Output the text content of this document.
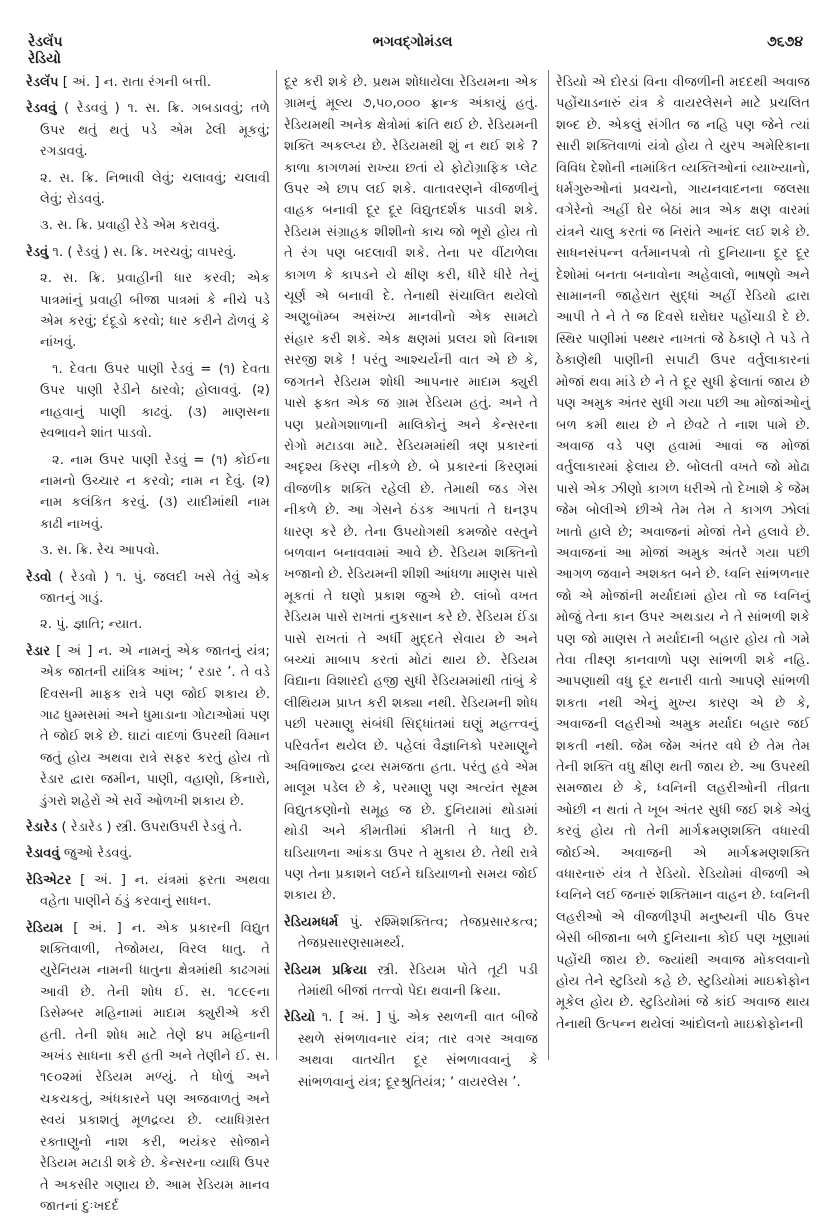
રેડલૅંપ
રેડિયો
ભગવદ્ગોમંડલ	૭૬૭૪

રેડલૅંપ [ અં. ] ન. રાતા રંગની બત્તી.

રેડવવું ( રેડવવું ) ૧. સ. ક્રિ. ગબડાવવું; તળે ઉપર થતું થતું પડે એમ ઢેલી મૂકવું; રગડાવવું.

૨. સ. ક્રિ. નિભાવી લેવું; ચલાવવું; ચલાવી લેવું; રોડવવું.

૩. સ. ક્રિ. પ્રવાહી રેડે એમ કરાવવું.

રેડવું ૧. ( રેડવું ) સ. ક્રિ. ખરચવું; વાપરવું.

૨. સ. ક્રિ. પ્રવાહીની ધાર કરવી; એક પાત્રમાંનું પ્રવાહી બીજા પાત્રમાં કે નીચે પડે એમ કરવું; દંદૂડો કરવો; ધાર કરીને ઢોળવું કે નાંખવું.

૧. દેવતા ઉપર પાણી રેડવું = (૧) દેવતા ઉપર પાણી રેડીને ઠારવો; હોલાવવું. (૨) નાહવાનું પાણી કાઢવું. (૩) માણસના સ્વભાવને શાંત પાડવો.

૨. નામ ઉપર પાણી રેડવું = (૧) કોઈના નામનો ઉચ્ચાર ન કરવો; નામ ન દેવું. (૨) નામ કલંકિત કરવું. (૩) યાદીમાંથી નામ કાઢી નાખવું.

૩. સ. ક્રિ. રેચ આપવો.

રેડવો ( રેડવો ) ૧. પું. જલદી ખસે તેવું એક જાતનું ગાડું.

૨. પું. જ્ઞાતિ; ન્યાત.

રેડાર [ અં ] ન. એ નામનું એક જાતનું યંત્ર; એક જાતની યાંત્રિક આંખ; ‘ રડાર ’. તે વડે દિવસની માફક રાત્રે પણ જોઈ શકાય છે. ગાઢ ધુમ્મસમાં અને ધુમાડાના ગોટાઓમાં પણ તે જોઈ શકે છે. ઘાટાં વાદળાં ઉપરથી વિમાન જતું હોય અથવા રાત્રે સફર કરતું હોય તો રેડાર દ્વારા જમીન, પાણી, વહાણો, કિનારો, ડુંગરો શહેરો એ સર્વે ઓળખી શકાય છે.

રેડારેડ ( રેડારેડ ) સ્ત્રી. ઉપરાઉપરી રેડવું તે.

રેડાવવું જુઓ રેડવવું.

રેડિએટર [ અં. ] ન. યંત્રમાં ફરતા અથવા વહેતા પાણીને ઠંડું કરવાનું સાધન.

રેડિયમ [ અં. ] ન. એક પ્રકારની વિદ્યુત શક્તિવાળી, તેજોમય, વિરલ ધાતુ. તે યુરેનિયમ નામની ધાતુના ક્ષેત્રમાંથી કાઢગમાં આવી છે. તેની શોધ ઈ. સ. ૧૮૯૯ના ડિસેમ્બર મહિનામાં માદામ ક્યુરીએ કરી હતી. તેની શોધ માટે તેણે ૪૫ મહિનાની અખંડ સાધના કરી હતી અને તેણીને ઈ. સ. ૧૯૦૨માં રેડિયમ મળ્યું. તે ધોળું અને ચકચકતું, અંધકારને પણ અજવાળતું અને સ્વયં પ્રકાશતું મૂળદ્રવ્ય છે. વ્યાધિગ્રસ્ત રક્તાણુનો નાશ કરી, ભયંકર સોજાને રેડિયમ મટાડી શકે છે. કેન્સરના વ્યાધિ ઉપર તે અકસીર ગણાય છે. આમ રેડિયમ માનવ જાતનાં દુઃખદર્દ

દૂર કરી શકે છે. પ્રથમ શોધાયેલા રેડિયમના એક ગ્રામનું મૂલ્ય ૭,૫૦,૦૦૦ ફ્રાન્ક અંકાયું હતું. રેડિયમથી અનેક ક્ષેત્રોમાં ક્રાંતિ થઈ છે. રેડિયમની શક્તિ અકલ્પ્ય છે. રેડિયમથી શું ન થઈ શકે ? કાળા કાગળમાં રાખ્યા છતાં યે ફોટોગ્રાફિક પ્લેટ ઉપર એ છાપ લઈ શકે. વાતાવરણને વીજળીનું વાહક બનાવી દૂર દૂર વિદ્યુતદર્શક પાડવી શકે. રેડિયમ સંગ્રાહક શીશીનો કાચ જો ભૂરો હોય તો તે રંગ પણ બદલાવી શકે. તેના પર વીંટાળેલા કાગળ કે કાપડને યે ક્ષીણ કરી, ધીરે ધીરે તેનું ચૂર્ણ એ બનાવી દે. તેનાથી સંચાલિત થયેલો અણુબૉમ્બ અસંખ્ય માનવીનો એક સામટો સંહાર કરી શકે. એક ક્ષણમાં પ્રલય શો વિનાશ સરજી શકે ! પરંતુ આશ્ચર્યની વાત એ છે કે, જગતને રેડિયમ શોધી આપનાર માદામ ક્યુરી પાસે ફક્ત એક જ ગ્રામ રેડિયમ હતું. અને તે પણ પ્રયોગશાળાની માલિકોનું અને કેન્સરના રોગો મટાડવા માટે. રેડિયમમાંથી ત્રણ પ્રકારનાં અદૃશ્ય કિરણ નીકળે છે. બે પ્રકારનાં કિરણમાં વીજળીક શક્તિ રહેલી છે. તેમાથી જડ ગેસ નીકળે છે. આ ગેસને ઠંડક આપતાં તે ઘનરૂપ ધારણ કરે છે. તેના ઉપયોગથી કમજોર વસ્તુને બળવાન બનાવવામાં આવે છે. રેડિયમ શક્તિનો ખજાનો છે. રેડિયમની શીશી આંધળા માણસ પાસે મૂકતાં તે ઘણો પ્રકાશ જુએ છે. લાંબો વખત રેડિયમ પાસે રાખતાં નુકસાન કરે છે. રેડિયમ ઈંડા પાસે રાખતાં તે અર્ધી મુદ્દતે સેવાય છે અને બચ્ચાં માબાપ કરતાં મોટાં થાય છે. રેડિયમ વિદ્યાના વિશારદો હજી સુધી રેડિયમમાંથી તાંબું કે લીથિયમ પ્રાપ્ત કરી શક્યા નથી. રેડિયમની શોધ પછી પરમાણુ સંબંધી સિદ્ધાંતમાં ઘણું મહત્ત્વનું પરિવર્તન થયેલ છે. પહેલાં વૈજ્ઞાનિકો પરમાણુને અવિભાજ્ય દ્રવ્ય સમજતા હતા. પરંતુ હવે એમ માલૂમ પડેલ છે કે, પરમાણુ પણ અત્યંત સૂક્ષ્મ વિદ્યુતકણોનો સમૂહ જ છે. દુનિયામાં થોડામાં થોડી અને કીમતીમાં કીમતી તે ધાતુ છે. ઘડિયાળના આંકડા ઉપર તે મુકાય છે. તેથી રાત્રે પણ તેના પ્રકાશને લઈને ઘડિયાળનો સમય જોઈ શકાય છે.

રેડિયમધર્મ પું. રશ્મિશક્તિત્વ; તેજપ્રસારકત્વ; તેજપ્રસારણસામર્થ્ય.

રેડિયમ પ્રક્રિયા સ્ત્રી. રેડિયમ પોતે તૂટી પડી તેમાંથી બીજાં તત્ત્વો પેદા થવાની ક્રિયા.

રેડિયો ૧. [ અં. ] પું. એક સ્થળની વાત બીજે સ્થળે સંભળાવનાર યંત્ર; તાર વગર અવાજ અથવા વાતચીત દૂર સંભળાવવાનું કે સાંભળવાનું યંત્ર; દૂરશ્રુતિયંત્ર; ‘ વાયરલેસ ’.

રેડિયો એ દોરડાં વિના વીજળીની મદદથી અવાજ પહોંચાડનારું યંત્ર કે વાયરલેસને માટે પ્રચલિત શબ્દ છે. એકલું સંગીત જ નહિ પણ જેને ત્યાં સારી શક્તિવાળાં યંત્રો હોય તે યુરપ અમેરિકાના વિવિધ દેશોની નામાંકિત વ્યક્તિઓનાં વ્યાખ્યાનો, ધર્મગુરુઓનાં પ્રવચનો, ગાયનવાદનના જલસા વગેરેનો અહીં ઘેર બેઠાં માત્ર એક ક્ષણ વારમાં યંત્રને ચાલુ કરતાં જ નિરાંતે આનંદ લઈ શકે છે. સાધનસંપન્ન વર્તમાનપત્રો તો દુનિયાના દૂર દૂર દેશોમાં બનતા બનાવોના અહેવાલો, ભાષણો અને સામાનની જાહેરાત સુદ્ધાં અહીં રેડિયો દ્વારા આપી તે ને તે જ દિવસે ઘરોઘર પહોંચાડી દે છે. સ્થિર પાણીમાં પથ્થર નાખતાં જે ઠેકાણે તે પડે તે ઠેકાણેથી પાણીની સપાટી ઉપર વર્તુલાકારનાં મોજાં થવા માંડે છે ને તે દૂર સુધી ફેલાતાં જાય છે પણ અમુક અંતર સુધી ગયા પછી આ મોજાંઓનું બળ કમી થાય છે ને છેવટે તે નાશ પામે છે. અવાજ વડે પણ હવામાં આવાં જ મોજાં વર્તુલાકારમાં ફેલાય છે. બોલતી વખતે જો મોઢા પાસે એક ઝીણો કાગળ ધરીએ તો દેખાશે કે જેમ જેમ બોલીએ છીએ તેમ તેમ તે કાગળ ઝોલાં ખાતો હાલે છે; અવાજનાં મોજાં તેને હલાવે છે. અવાજનાં આ મોજાં અમુક અંતરે ગયા પછી આગળ જવાને અશક્ત બને છે. ધ્વનિ સાંભળનાર જો એ મોજાંની મર્યાદામાં હોય તો જ ધ્વનિનું મોજું તેના કાન ઉપર અથડાય ને તે સાંભળી શકે પણ જો માણસ તે મર્યાદાની બહાર હોય તો ગમે તેવા તીક્ષ્ણ કાનવાળો પણ સાંભળી શકે નહિ. આપણાથી વધુ દૂર થનારી વાતો આપણે સાંભળી શકતા નથી એનું મુખ્ય કારણ એ છે કે, અવાજની લહરીઓ અમુક મર્યાદા બહાર જઈ શકતી નથી. જેમ જેમ અંતર વધે છે તેમ તેમ તેની શક્તિ વધુ ક્ષીણ થતી જાય છે. આ ઉપરથી સમજાય છે કે, ધ્વનિની લહરીઓની તીવ્રતા ઓછી ન થતાં તે ખૂબ અંતર સુધી જઈ શકે એવું કરવું હોય તો તેની માર્ગક્રમણશક્તિ વધારવી જોઈએ. અવાજની એ માર્ગક્રમણશક્તિ વધારનારું યંત્ર તે રેડિયો. રેડિયોમાં વીજળી એ ધ્વનિને લઈ જનારું શક્તિમાન વાહન છે. ધ્વનિની લહરીઓ એ વીજળીરૂપી મનુષ્યની પીઠ ઉપર બેસી બીજાના બળે દુનિયાના કોઈ પણ ખૂણામાં પહોંચી જાય છે. જ્યાંથી અવાજ મોકલવાનો હોય તેને સ્ટુડિયો કહે છે. સ્ટુડિયોમાં માઇક્રોફોન મૂકેલ હોય છે. સ્ટુડિયોમાં જે કાંઈ અવાજ થાય તેનાથી ઉત્પન્ન થયેલાં આંદોલનો માઇક્રોફોનની
